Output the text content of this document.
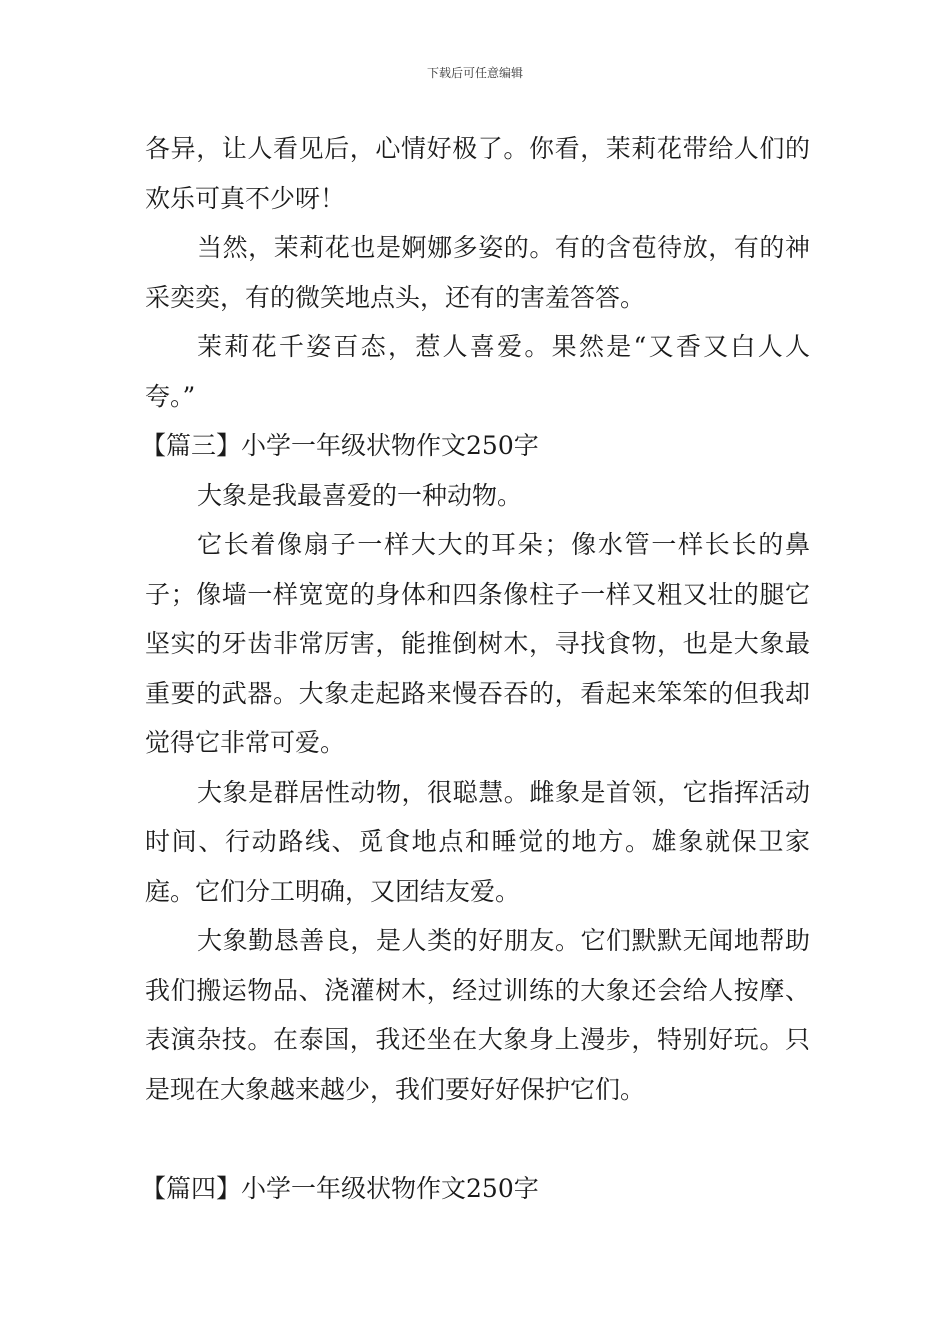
下载后可任意编辑

各异，让人看见后，心情好极了。你看，茉莉花带给人们的欢乐可真不少呀！

当然，茉莉花也是婀娜多姿的。有的含苞待放，有的神采奕奕，有的微笑地点头，还有的害羞答答。

茉莉花千姿百态，惹人喜爱。果然是“又香又白人人夸。”

【篇三】小学一年级状物作文250字

大象是我最喜爱的一种动物。

它长着像扇子一样大大的耳朵；像水管一样长长的鼻子；像墙一样宽宽的身体和四条像柱子一样又粗又壮的腿它坚实的牙齿非常厉害，能推倒树木，寻找食物，也是大象最重要的武器。大象走起路来慢吞吞的，看起来笨笨的但我却觉得它非常可爱。

大象是群居性动物，很聪慧。雌象是首领，它指挥活动时间、行动路线、觅食地点和睡觉的地方。雄象就保卫家庭。它们分工明确，又团结友爱。

大象勤恳善良，是人类的好朋友。它们默默无闻地帮助我们搬运物品、浇灌树木，经过训练的大象还会给人按摩、表演杂技。在泰国，我还坐在大象身上漫步，特别好玩。只是现在大象越来越少，我们要好好保护它们。

【篇四】小学一年级状物作文250字
